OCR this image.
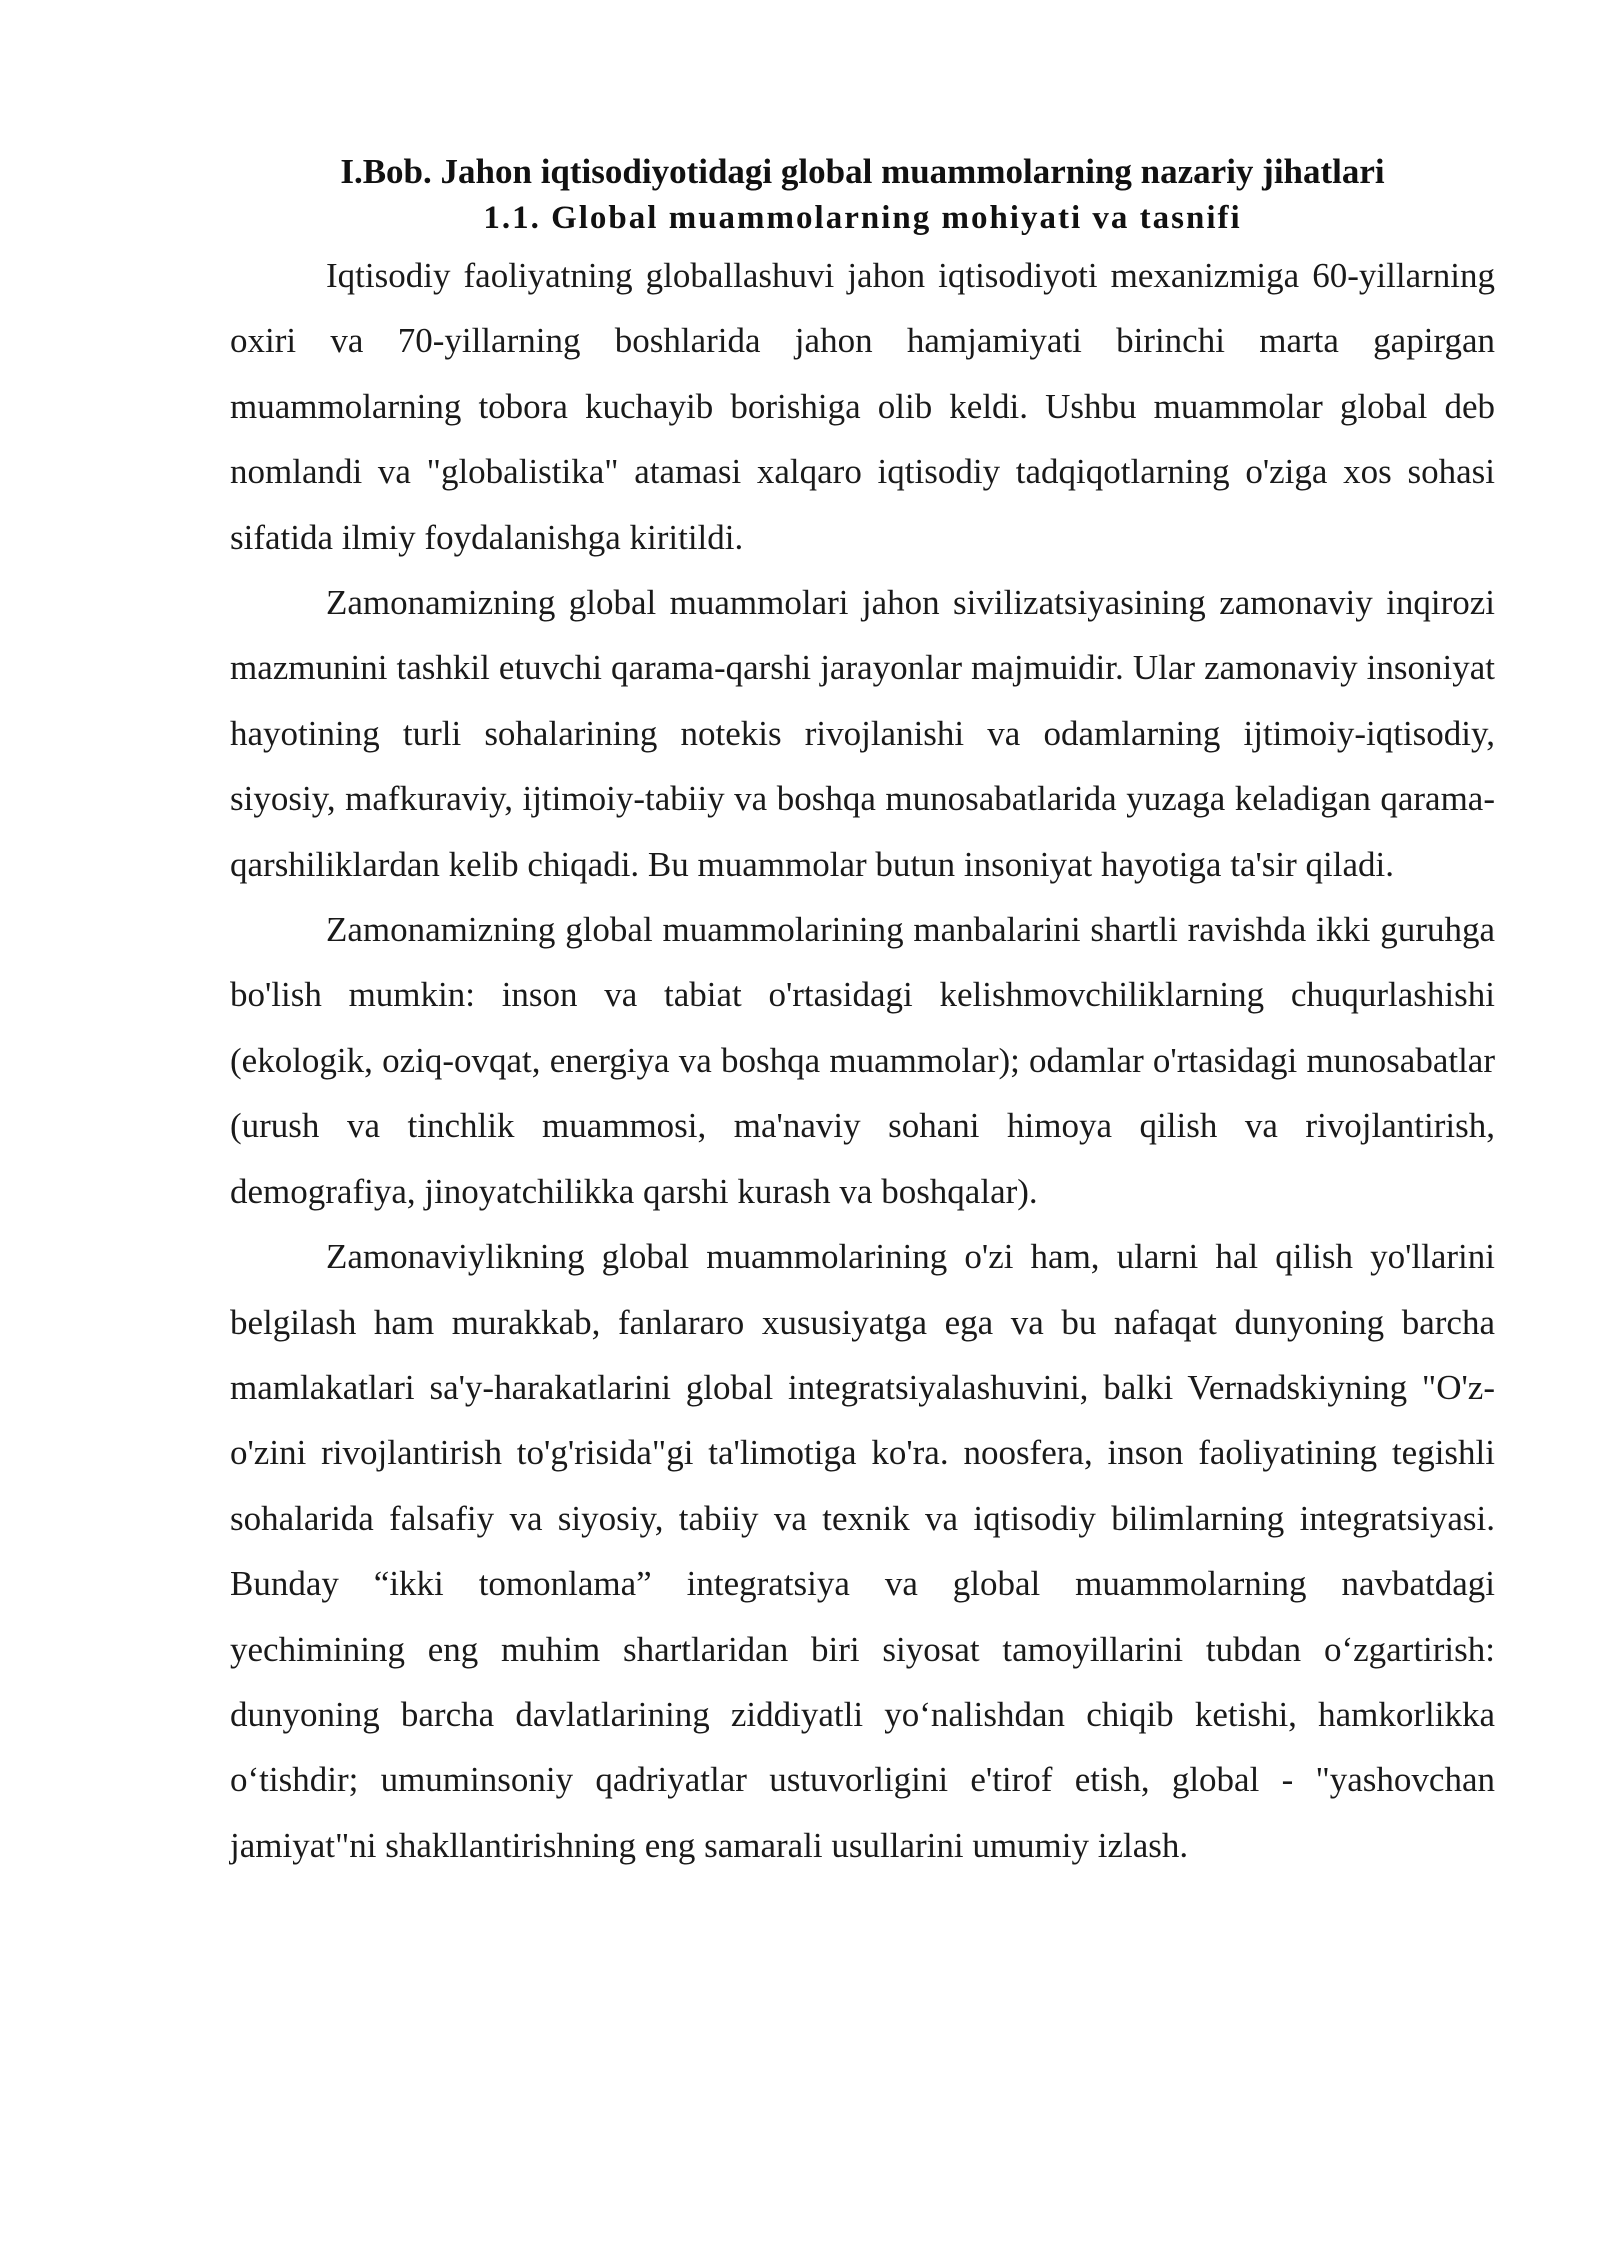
I.Bob. Jahon iqtisodiyotidagi global muammolarning nazariy jihatlari
1.1. Global muammolarning mohiyati va tasnifi

Iqtisodiy faoliyatning globallashuvi jahon iqtisodiyoti mexanizmiga 60-yillarning oxiri va 70-yillarning boshlarida jahon hamjamiyati birinchi marta gapirgan muammolarning tobora kuchayib borishiga olib keldi. Ushbu muammolar global deb nomlandi va "globalistika" atamasi xalqaro iqtisodiy tadqiqotlarning o'ziga xos sohasi sifatida ilmiy foydalanishga kiritildi.

Zamonamizning global muammolari jahon sivilizatsiyasining zamonaviy inqirozi mazmunini tashkil etuvchi qarama-qarshi jarayonlar majmuidir. Ular zamonaviy insoniyat hayotining turli sohalarining notekis rivojlanishi va odamlarning ijtimoiy-iqtisodiy, siyosiy, mafkuraviy, ijtimoiy-tabiiy va boshqa munosabatlarida yuzaga keladigan qarama-qarshiliklardan kelib chiqadi. Bu muammolar butun insoniyat hayotiga ta'sir qiladi.

Zamonamizning global muammolarining manbalarini shartli ravishda ikki guruhga bo'lish mumkin: inson va tabiat o'rtasidagi kelishmovchiliklarning chuqurlashishi (ekologik, oziq-ovqat, energiya va boshqa muammolar); odamlar o'rtasidagi munosabatlar (urush va tinchlik muammosi, ma'naviy sohani himoya qilish va rivojlantirish, demografiya, jinoyatchilikka qarshi kurash va boshqalar).

Zamonaviylikning global muammolarining o'zi ham, ularni hal qilish yo'llarini belgilash ham murakkab, fanlararo xususiyatga ega va bu nafaqat dunyoning barcha mamlakatlari sa'y-harakatlarini global integratsiyalashuvini, balki Vernadskiyning "O'z-o'zini rivojlantirish to'g'risida"gi ta'limotiga ko'ra. noosfera, inson faoliyatining tegishli sohalarida falsafiy va siyosiy, tabiiy va texnik va iqtisodiy bilimlarning integratsiyasi. Bunday “ikki tomonlama” integratsiya va global muammolarning navbatdagi yechimining eng muhim shartlaridan biri siyosat tamoyillarini tubdan o‘zgartirish: dunyoning barcha davlatlarining ziddiyatli yo‘nalishdan chiqib ketishi, hamkorlikka o‘tishdir; umuminsoniy qadriyatlar ustuvorligini e'tirof etish, global - "yashovchan jamiyat"ni shakllantirishning eng samarali usullarini umumiy izlash.
